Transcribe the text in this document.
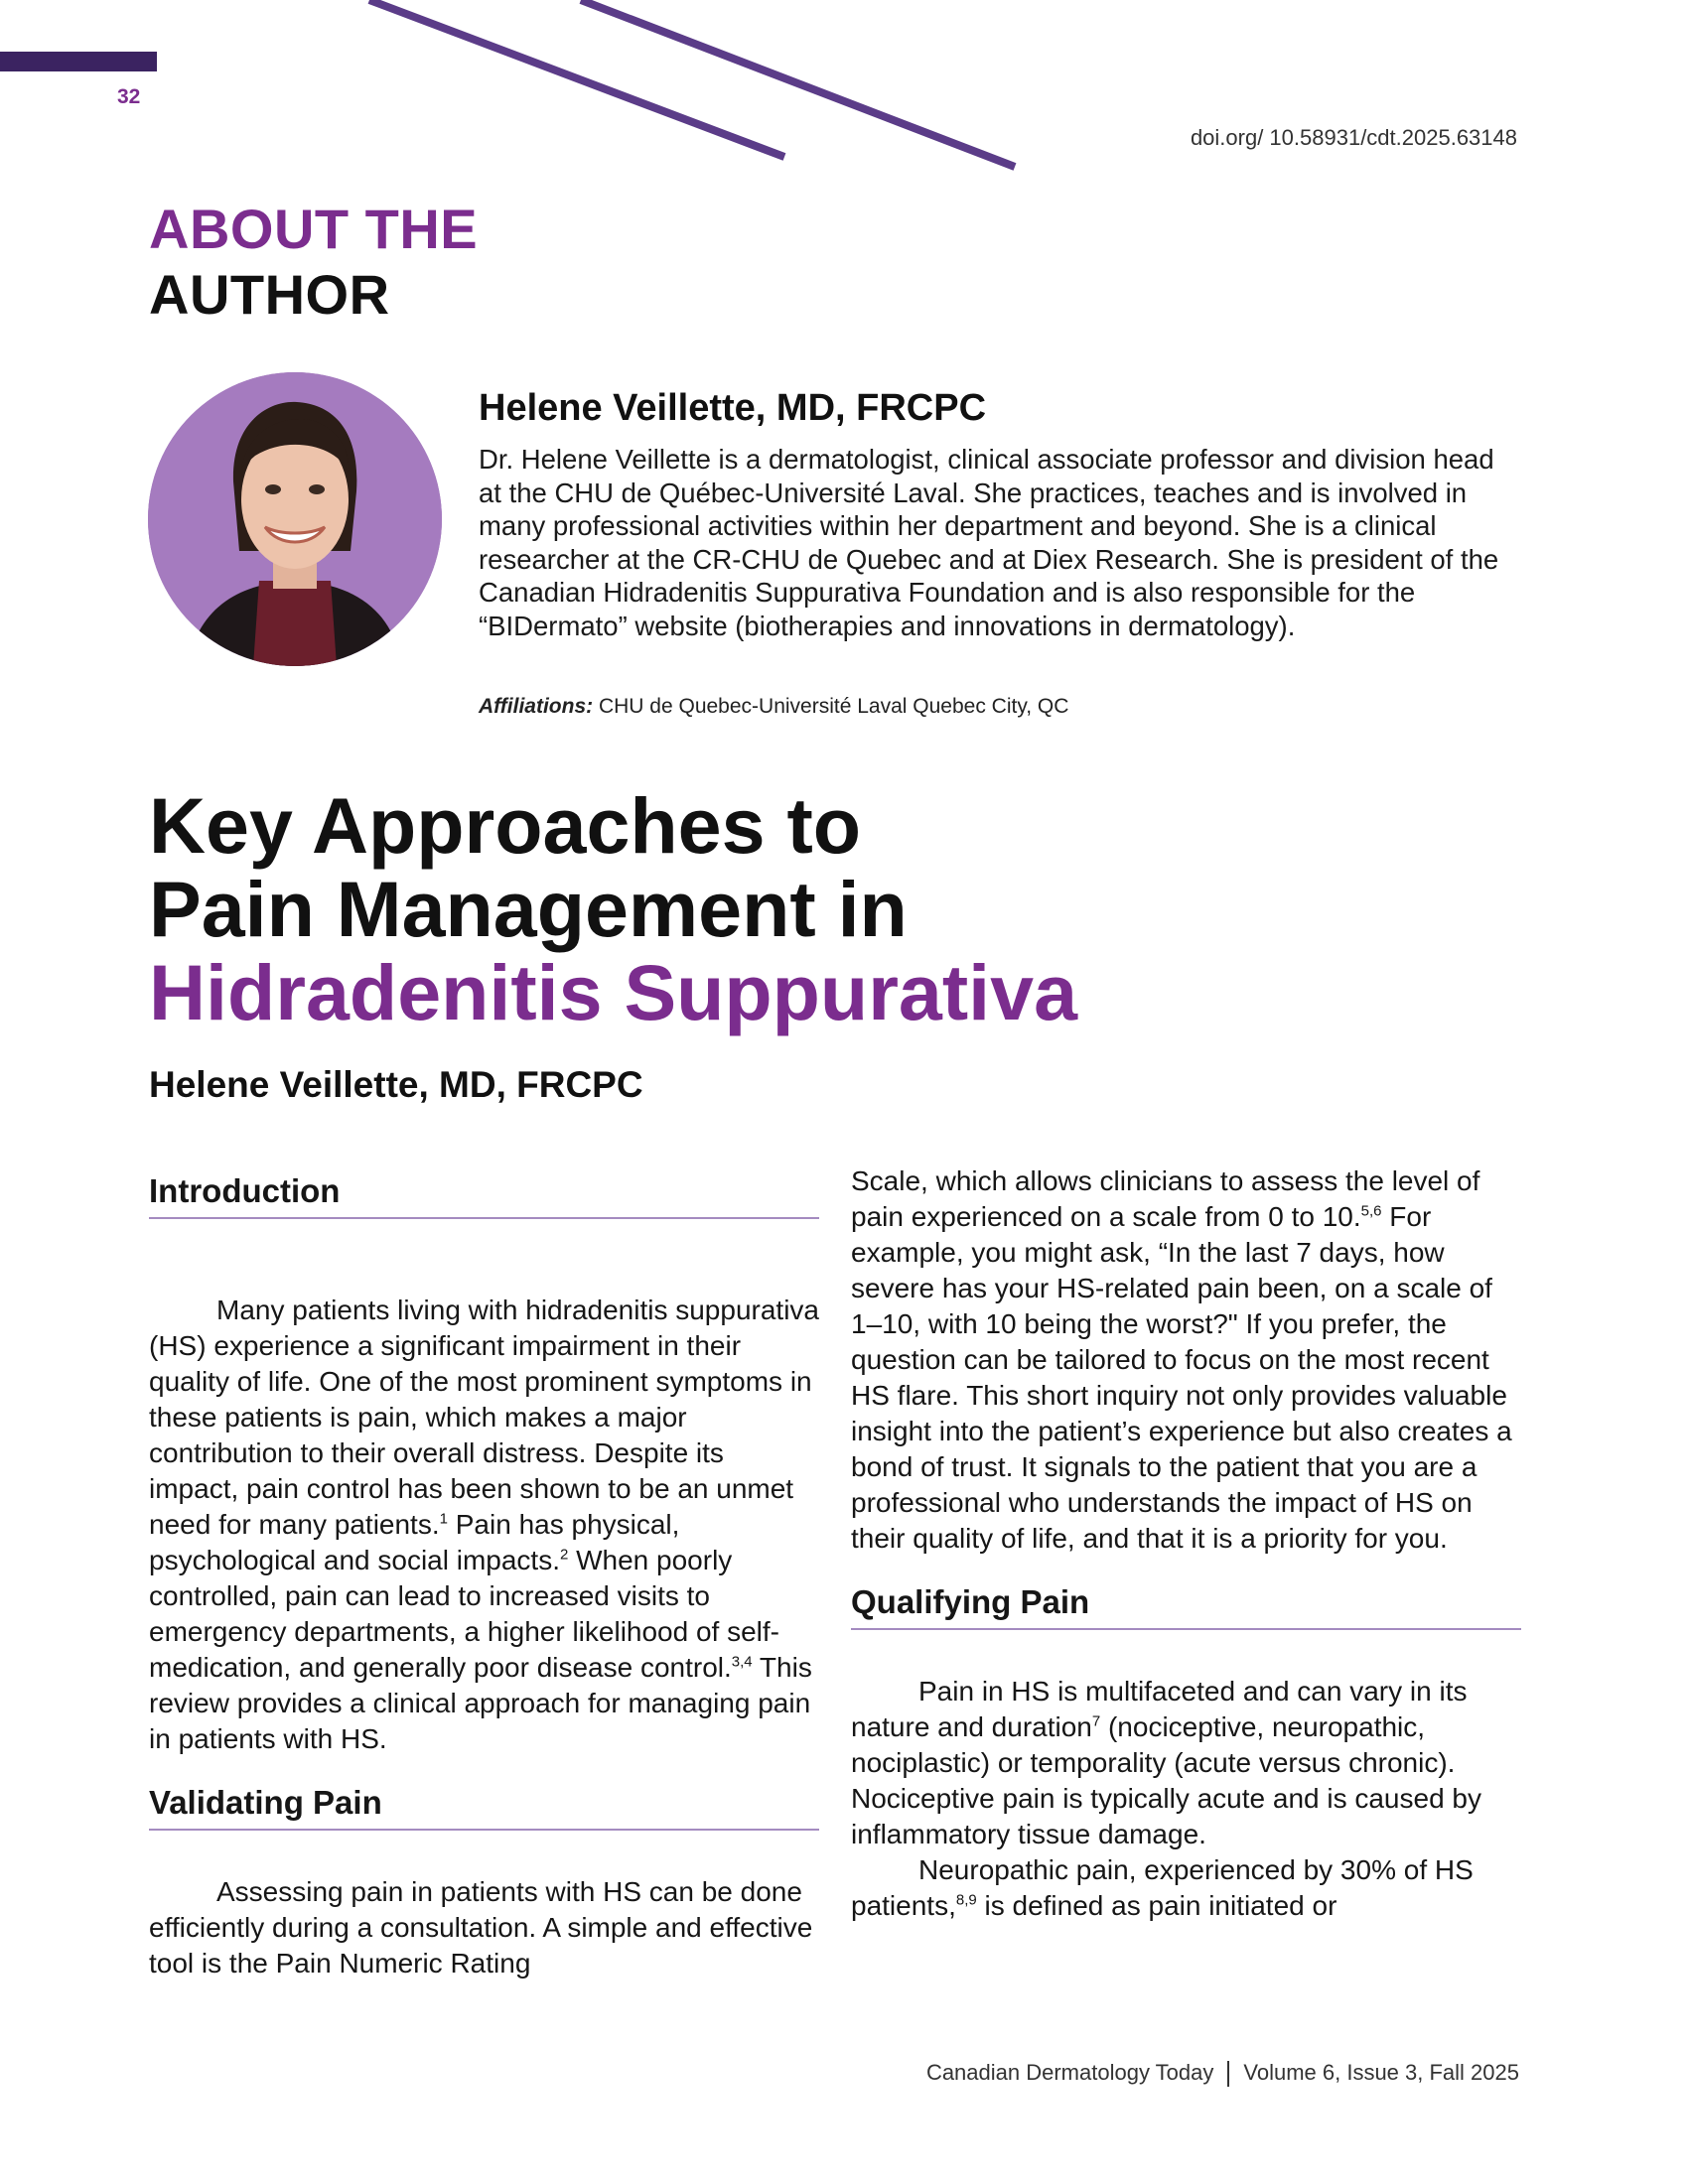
32
doi.org/ 10.58931/cdt.2025.63148
ABOUT THE
AUTHOR
Helene Veillette, MD, FRCPC

Dr. Helene Veillette is a dermatologist, clinical associate professor and division head at the CHU de Québec-Université Laval. She practices, teaches and is involved in many professional activities within her department and beyond. She is a clinical researcher at the CR-CHU de Quebec and at Diex Research. She is president of the Canadian Hidradenitis Suppurativa Foundation and is also responsible for the “BIDermato” website (biotherapies and innovations in dermatology).

Affiliations: CHU de Quebec-Université Laval Quebec City, QC
Key Approaches to
Pain Management in
Hidradenitis Suppurativa
Helene Veillette, MD, FRCPC
Introduction

Many patients living with hidradenitis suppurativa (HS) experience a significant impairment in their quality of life. One of the most prominent symptoms in these patients is pain, which makes a major contribution to their overall distress. Despite its impact, pain control has been shown to be an unmet need for many patients.$^1$ Pain has physical, psychological and social impacts.$^2$ When poorly controlled, pain can lead to increased visits to emergency departments, a higher likelihood of self-medication, and generally poor disease control.$^{3,4}$ This review provides a clinical approach for managing pain in patients with HS.

Validating Pain

Assessing pain in patients with HS can be done efficiently during a consultation. A simple and effective tool is the Pain Numeric Rating

Scale, which allows clinicians to assess the level of pain experienced on a scale from 0 to 10.$^{5,6}$ For example, you might ask, “In the last 7 days, how severe has your HS-related pain been, on a scale of 1–10, with 10 being the worst?" If you prefer, the question can be tailored to focus on the most recent HS flare. This short inquiry not only provides valuable insight into the patient’s experience but also creates a bond of trust. It signals to the patient that you are a professional who understands the impact of HS on their quality of life, and that it is a priority for you.

Qualifying Pain

Pain in HS is multifaceted and can vary in its nature and duration$^7$ (nociceptive, neuropathic, nociplastic) or temporality (acute versus chronic). Nociceptive pain is typically acute and is caused by inflammatory tissue damage.

Neuropathic pain, experienced by 30% of HS patients,$^{8,9}$ is defined as pain initiated or

Canadian Dermatology Today Volume 6, Issue 3, Fall 2025
